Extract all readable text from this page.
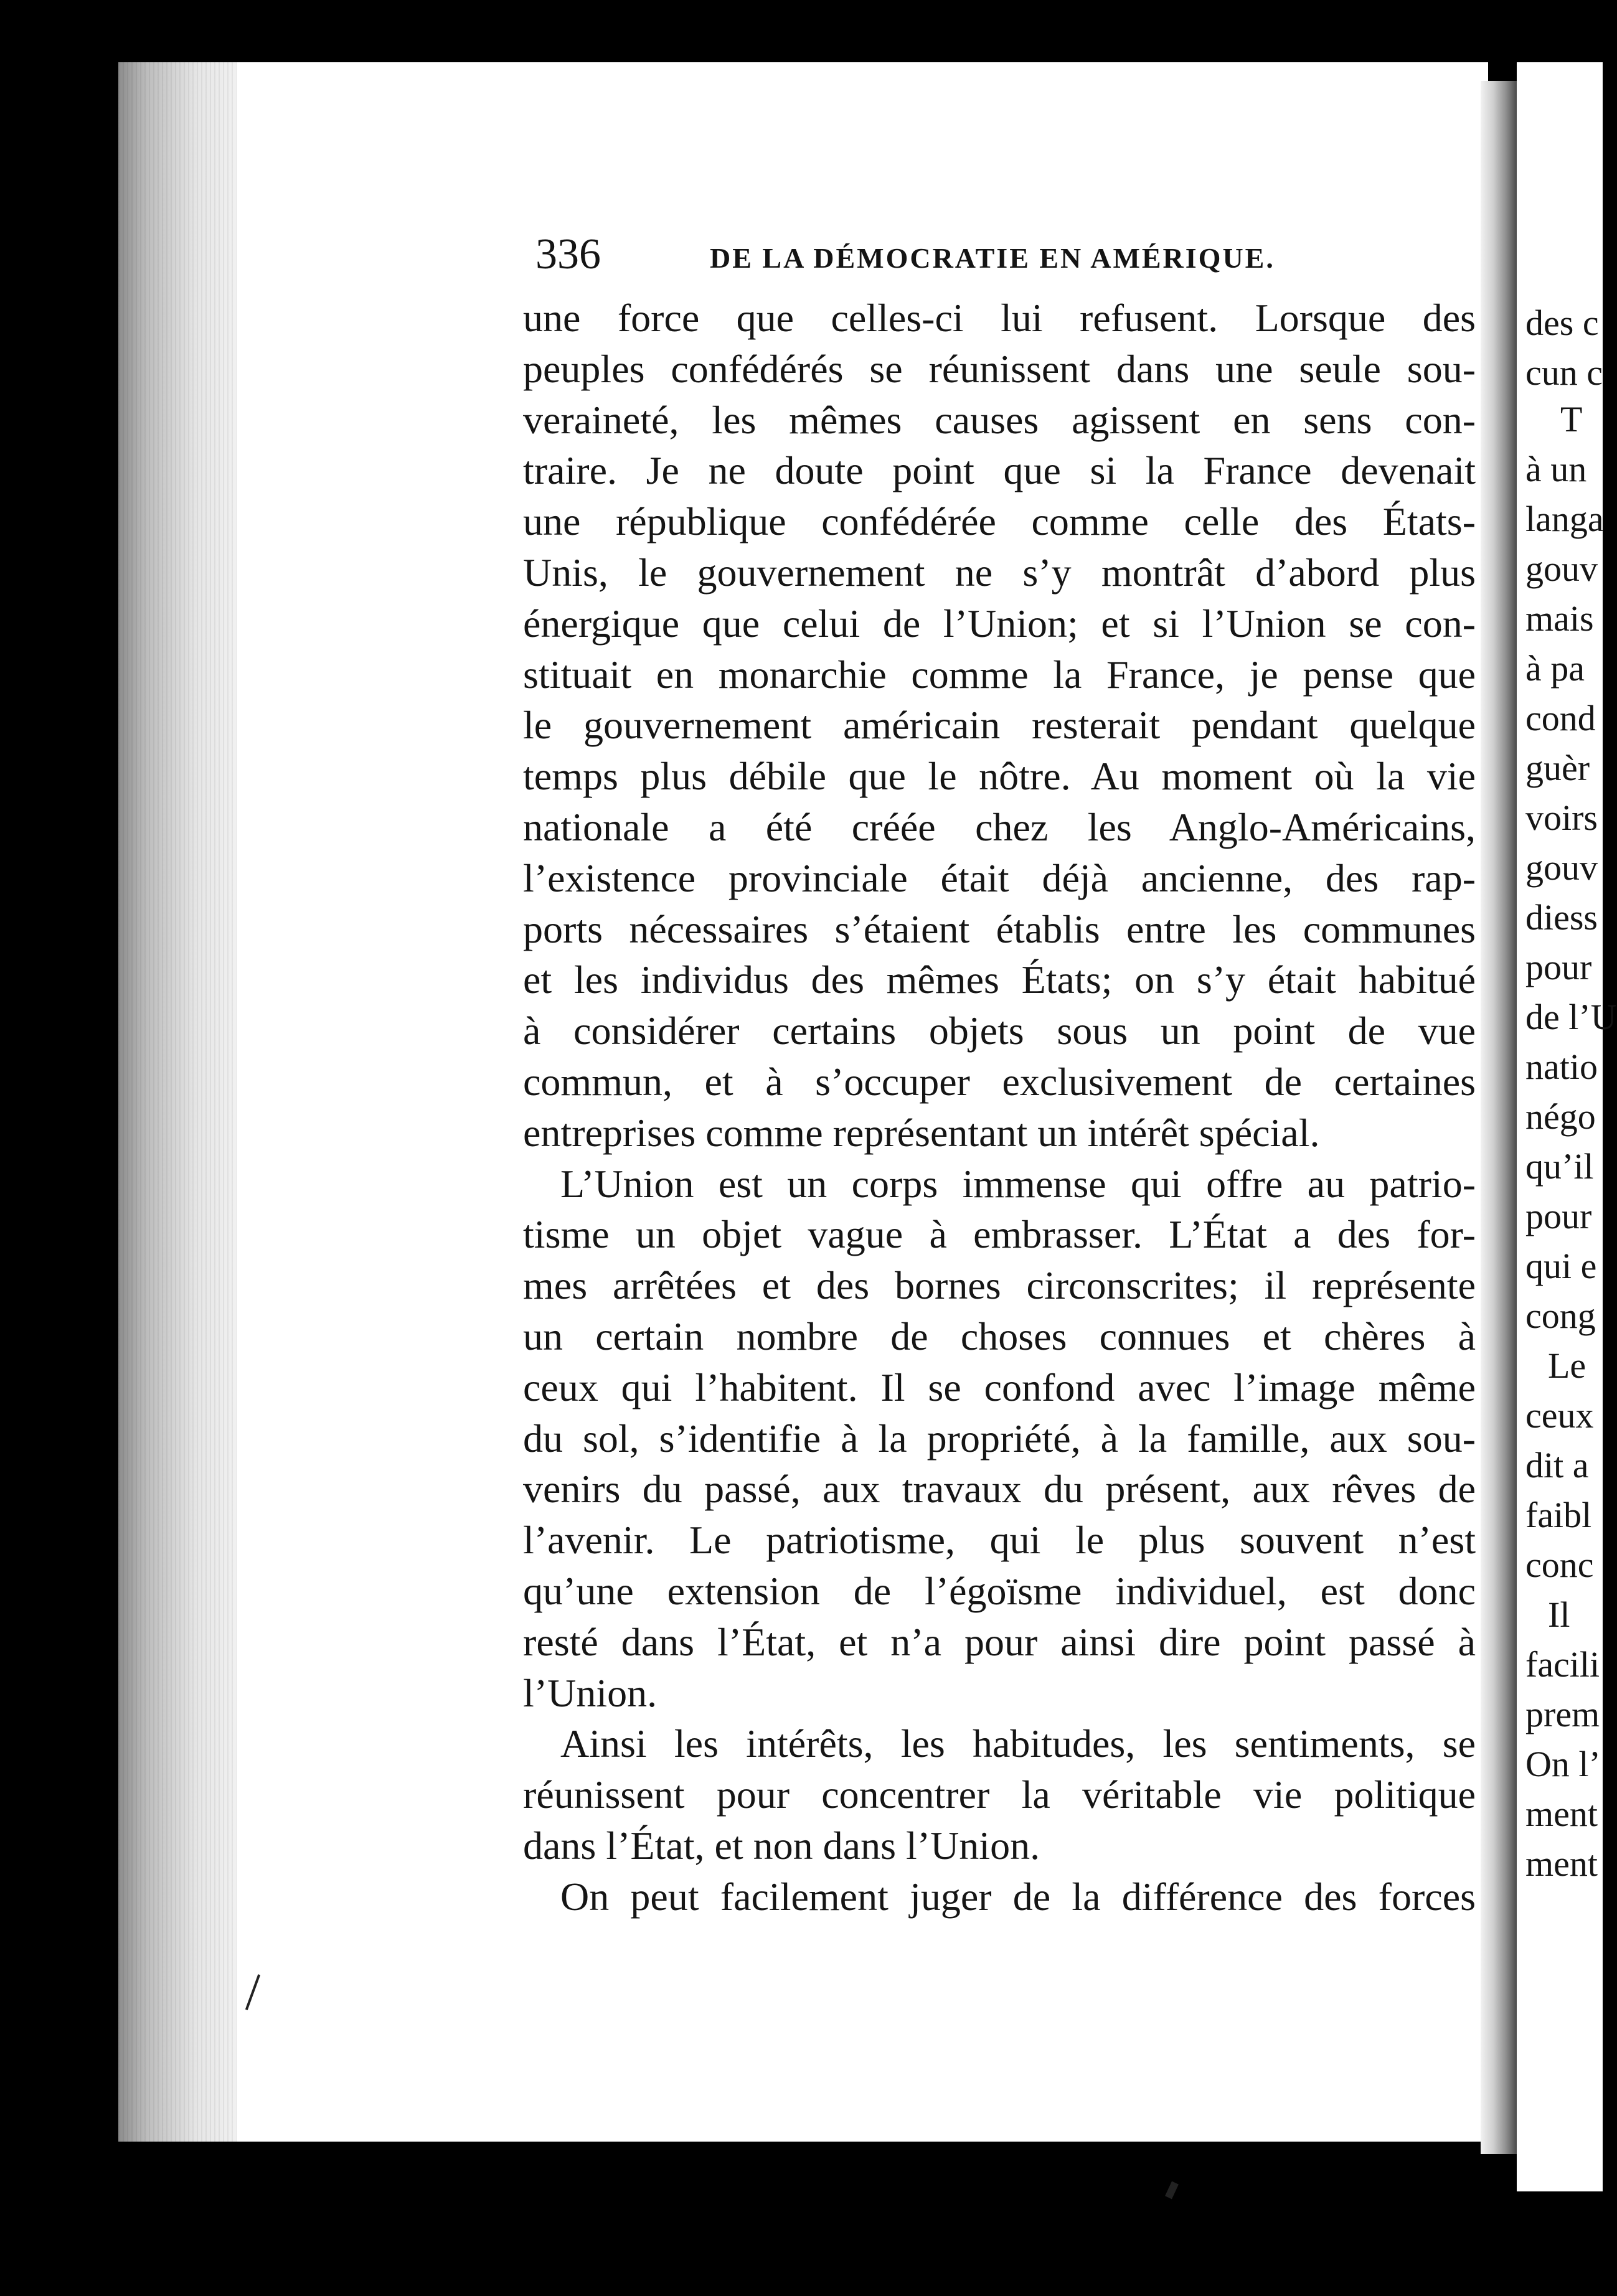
336	DE LA DÉMOCRATIE EN AMÉRIQUE.
une force que celles-ci lui refusent. Lorsque des
peuples confédérés se réunissent dans une seule sou-
veraineté, les mêmes causes agissent en sens con-
traire. Je ne doute point que si la France devenait
une république confédérée comme celle des États-
Unis, le gouvernement ne s’y montrât d’abord plus
énergique que celui de l’Union; et si l’Union se con-
stituait en monarchie comme la France, je pense que
le gouvernement américain resterait pendant quelque
temps plus débile que le nôtre. Au moment où la vie
nationale a été créée chez les Anglo-Américains,
l’existence provinciale était déjà ancienne, des rap-
ports nécessaires s’étaient établis entre les communes
et les individus des mêmes États; on s’y était habitué
à considérer certains objets sous un point de vue
commun, et à s’occuper exclusivement de certaines
entreprises comme représentant un intérêt spécial.
L’Union est un corps immense qui offre au patrio-
tisme un objet vague à embrasser. L’État a des for-
mes arrêtées et des bornes circonscrites; il représente
un certain nombre de choses connues et chères à
ceux qui l’habitent. Il se confond avec l’image même
du sol, s’identifie à la propriété, à la famille, aux sou-
venirs du passé, aux travaux du présent, aux rêves de
l’avenir. Le patriotisme, qui le plus souvent n’est
qu’une extension de l’égoïsme individuel, est donc
resté dans l’État, et n’a pour ainsi dire point passé à
l’Union.
Ainsi les intérêts, les habitudes, les sentiments, se
réunissent pour concentrer la véritable vie politique
dans l’État, et non dans l’Union.
On peut facilement juger de la différence des forces
des c
cun c
T
à un
langa
gouv
mais
à pa
cond
guèr
voirs
gouv
diess
pour
de l’U
natio
négo
qu’il
pour
qui e
cong
Le
ceux
dit a
faibl
conc
Il
facili
prem
On l’
ment
ment
